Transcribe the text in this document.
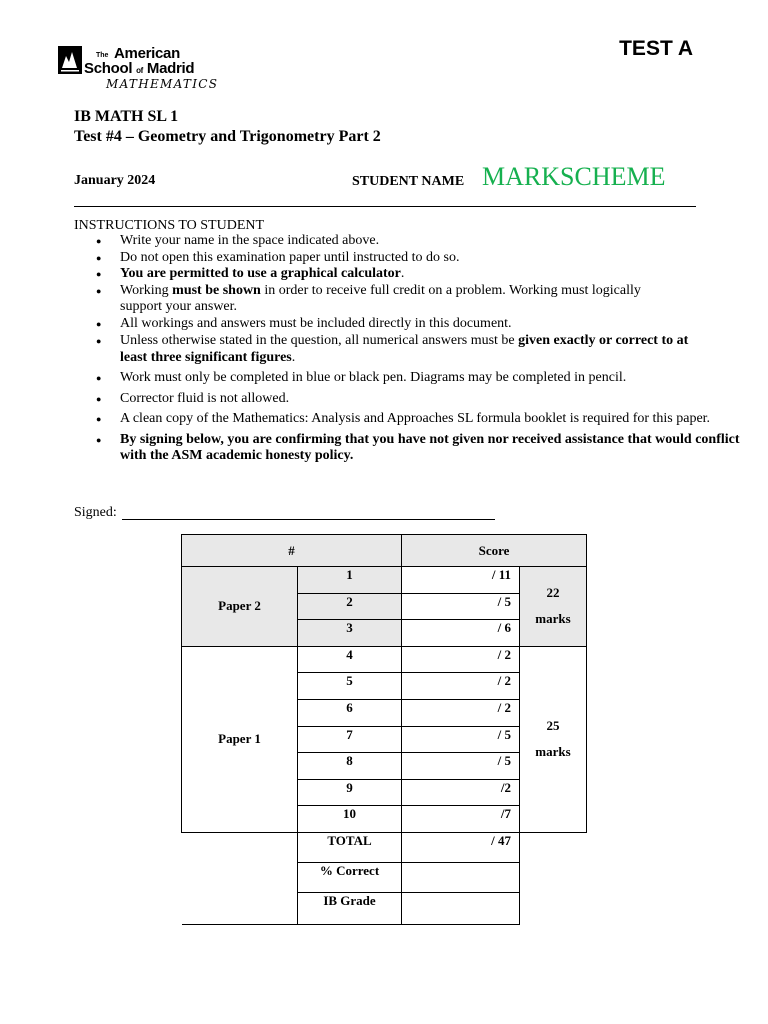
The American
School of Madrid
MATHEMATICS
TEST A
IB MATH SL 1
Test #4 – Geometry and Trigonometry Part 2
January 2024	STUDENT NAME MARKSCHEME
INSTRUCTIONS TO STUDENT
● Write your name in the space indicated above.
● Do not open this examination paper until instructed to do so.
● You are permitted to use a graphical calculator.
● Working must be shown in order to receive full credit on a problem. Working must logically support your answer.
● All workings and answers must be included directly in this document.
● Unless otherwise stated in the question, all numerical answers must be given exactly or correct to at least three significant figures.
● Work must only be completed in blue or black pen. Diagrams may be completed in pencil.
● Corrector fluid is not allowed.
● A clean copy of the Mathematics: Analysis and Approaches SL formula booklet is required for this paper.
● By signing below, you are confirming that you have not given nor received assistance that would conflict with the ASM academic honesty policy.
Signed:
#		Score	
Paper 2	1	/ 11	22
marks
	2	/ 5	
	3	/ 6	
Paper 1	4	/ 2	25
marks
	5	/ 2	
	6	/ 2	
	7	/ 5	
	8	/ 5	
	9	/2	
	10	/7	
	TOTAL	/ 47	
	% Correct		
	IB Grade		
